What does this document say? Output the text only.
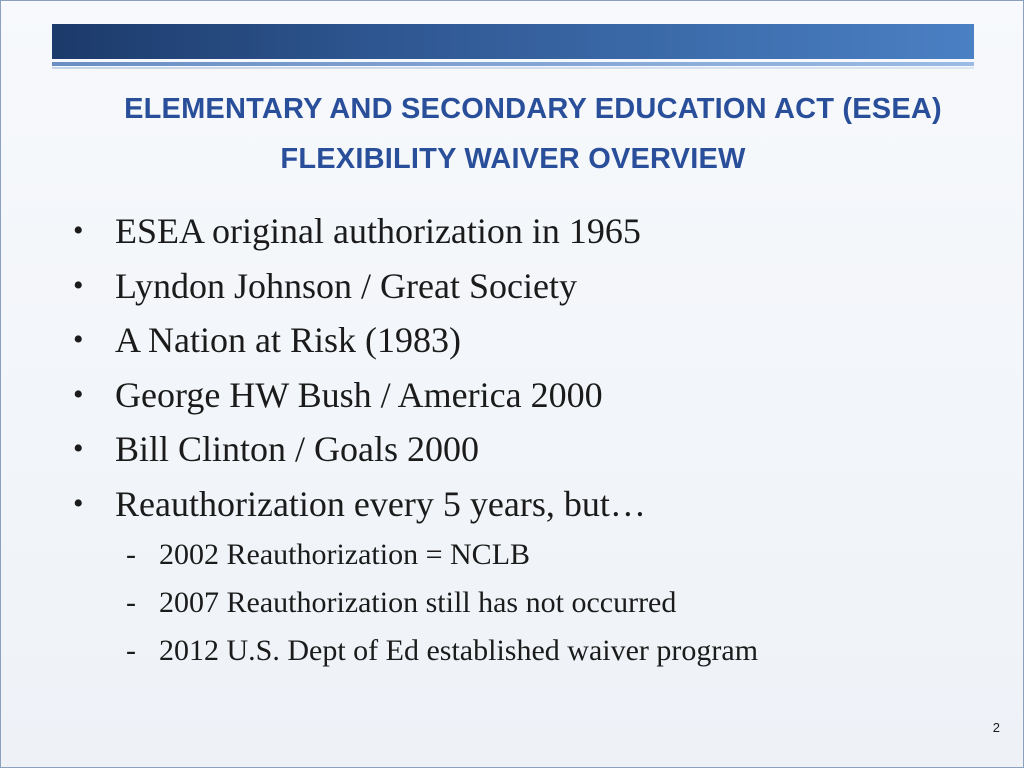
ELEMENTARY AND SECONDARY EDUCATION ACT (ESEA)
FLEXIBILITY WAIVER OVERVIEW
• ESEA original authorization in 1965
• Lyndon Johnson / Great Society
• A Nation at Risk (1983)
• George HW Bush / America 2000
• Bill Clinton / Goals 2000
• Reauthorization every 5 years, but…
- 2002 Reauthorization = NCLB
- 2007 Reauthorization still has not occurred
- 2012 U.S. Dept of Ed established waiver program
2
